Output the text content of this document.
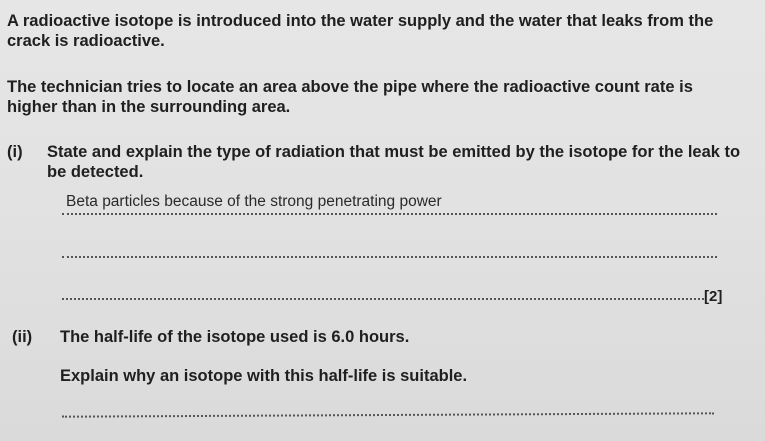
A radioactive isotope is introduced into the water supply and the water that leaks from the
crack is radioactive.
The technician tries to locate an area above the pipe where the radioactive count rate is
higher than in the surrounding area.
(i) State and explain the type of radiation that must be emitted by the isotope for the leak to
be detected.
Beta particles because of the strong penetrating power
[2]
(ii) The half-life of the isotope used is 6.0 hours.
Explain why an isotope with this half-life is suitable.
